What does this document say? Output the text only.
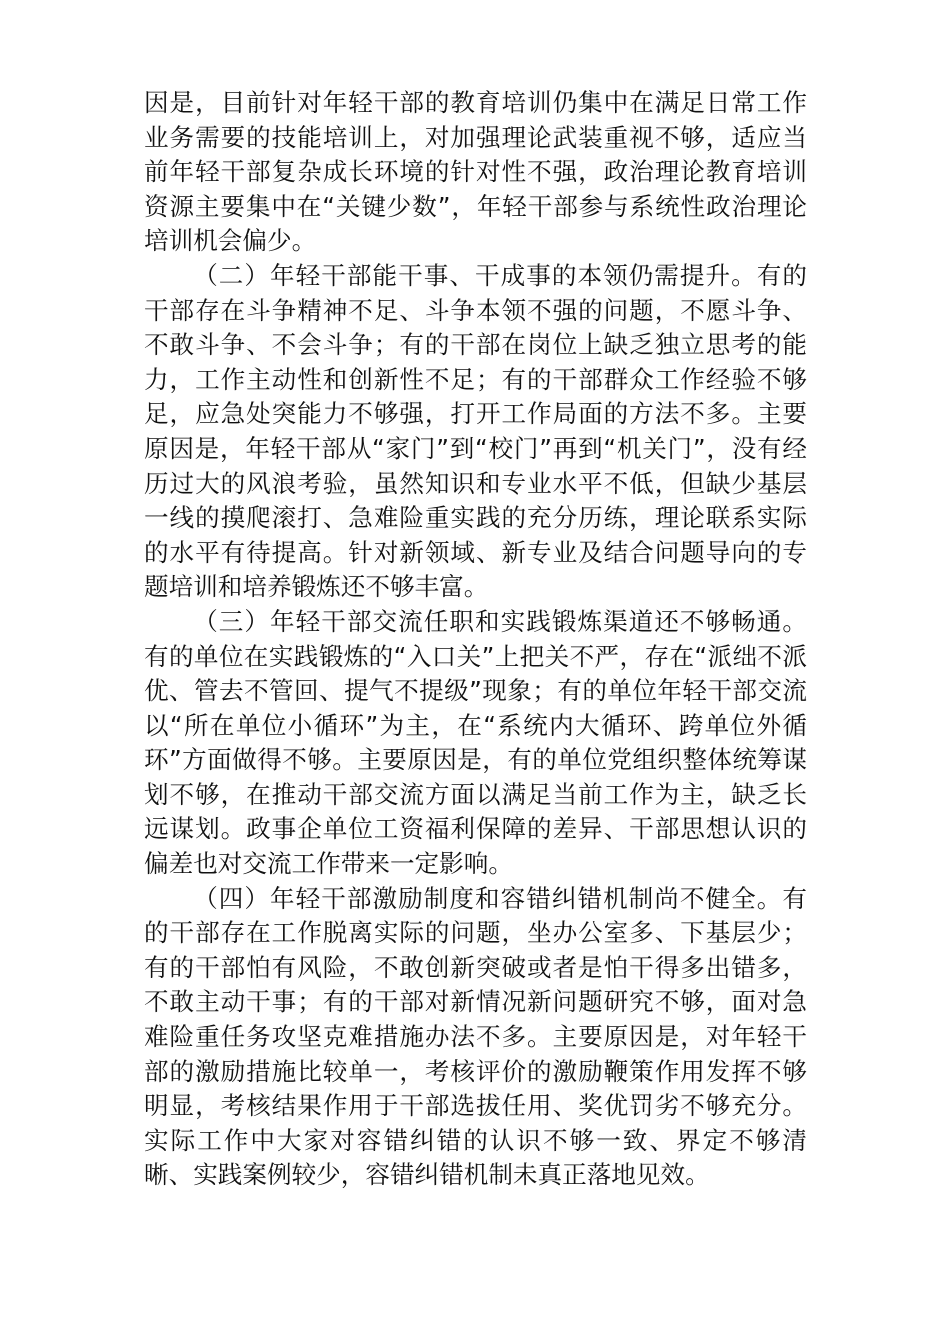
因是，目前针对年轻干部的教育培训仍集中在满足日常工作业务需要的技能培训上，对加强理论武装重视不够，适应当前年轻干部复杂成长环境的针对性不强，政治理论教育培训资源主要集中在“关键少数”，年轻干部参与系统性政治理论培训机会偏少。

（二）年轻干部能干事、干成事的本领仍需提升。有的干部存在斗争精神不足、斗争本领不强的问题，不愿斗争、不敢斗争、不会斗争；有的干部在岗位上缺乏独立思考的能力，工作主动性和创新性不足；有的干部群众工作经验不够足，应急处突能力不够强，打开工作局面的方法不多。主要原因是，年轻干部从“家门”到“校门”再到“机关门”，没有经历过大的风浪考验，虽然知识和专业水平不低，但缺少基层一线的摸爬滚打、急难险重实践的充分历练，理论联系实际的水平有待提高。针对新领域、新专业及结合问题导向的专题培训和培养锻炼还不够丰富。

（三）年轻干部交流任职和实践锻炼渠道还不够畅通。有的单位在实践锻炼的“入口关”上把关不严，存在“派绌不派优、管去不管回、提气不提级”现象；有的单位年轻干部交流以“所在单位小循环”为主，在“系统内大循环、跨单位外循环”方面做得不够。主要原因是，有的单位党组织整体统筹谋划不够，在推动干部交流方面以满足当前工作为主，缺乏长远谋划。政事企单位工资福利保障的差异、干部思想认识的偏差也对交流工作带来一定影响。

（四）年轻干部激励制度和容错纠错机制尚不健全。有的干部存在工作脱离实际的问题，坐办公室多、下基层少；有的干部怕有风险，不敢创新突破或者是怕干得多出错多，不敢主动干事；有的干部对新情况新问题研究不够，面对急难险重任务攻坚克难措施办法不多。主要原因是，对年轻干部的激励措施比较单一，考核评价的激励鞭策作用发挥不够明显，考核结果作用于干部选拔任用、奖优罚劣不够充分。实际工作中大家对容错纠错的认识不够一致、界定不够清晰、实践案例较少，容错纠错机制未真正落地见效。
